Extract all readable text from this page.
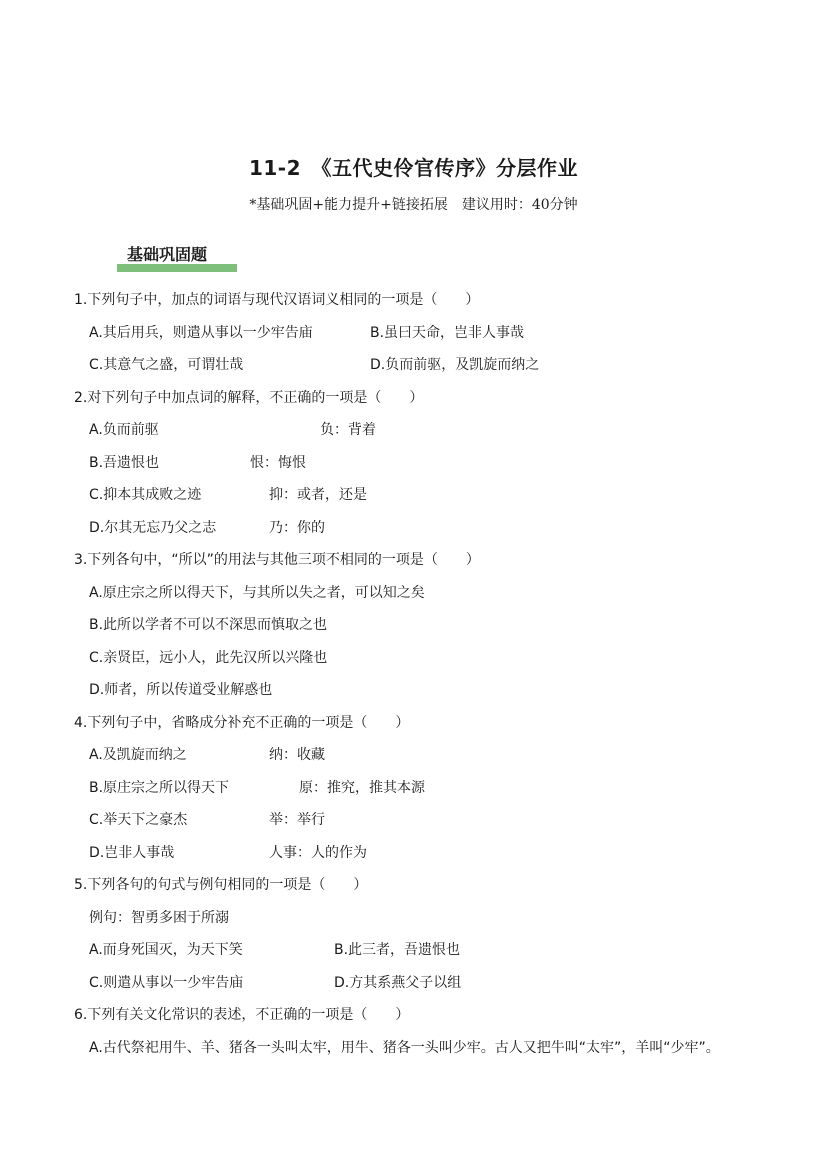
11-2　《五代史伶官传序》分层作业

*基础巩固+能力提升+链接拓展　建议用时：40分钟

基础巩固题
1.下列句子中，加点的词语与现代汉语词义相同的一项是（　　）
A.其后用兵，则遣从事以一少牢告庙	B.虽曰天命，岂非人事哉
C.其意气之盛，可谓壮哉	D.负而前驱，及凯旋而纳之
2.对下列句子中加点词的解释，不正确的一项是（　　）
A.负而前驱	负：背着
B.吾遗恨也	恨：悔恨
C.抑本其成败之迹	抑：或者，还是
D.尔其无忘乃父之志	乃：你的
3.下列各句中，“所以”的用法与其他三项不相同的一项是（　　）
A.原庄宗之所以得天下，与其所以失之者，可以知之矣
B.此所以学者不可以不深思而慎取之也
C.亲贤臣，远小人，此先汉所以兴隆也
D.师者，所以传道受业解惑也
4.下列句子中，省略成分补充不正确的一项是（　　）
A.及凯旋而纳之	纳：收藏
B.原庄宗之所以得天下	原：推究，推其本源
C.举天下之豪杰	举：举行
D.岂非人事哉	人事：人的作为
5.下列各句的句式与例句相同的一项是（　　）
例句：智勇多困于所溺
A.而身死国灭，为天下笑	B.此三者，吾遗恨也
C.则遣从事以一少牢告庙	D.方其系燕父子以组
6.下列有关文化常识的表述，不正确的一项是（　　）
A.古代祭祀用牛、羊、猪各一头叫太牢，用牛、猪各一头叫少牢。古人又把牛叫“太牢”，羊叫“少牢”。
